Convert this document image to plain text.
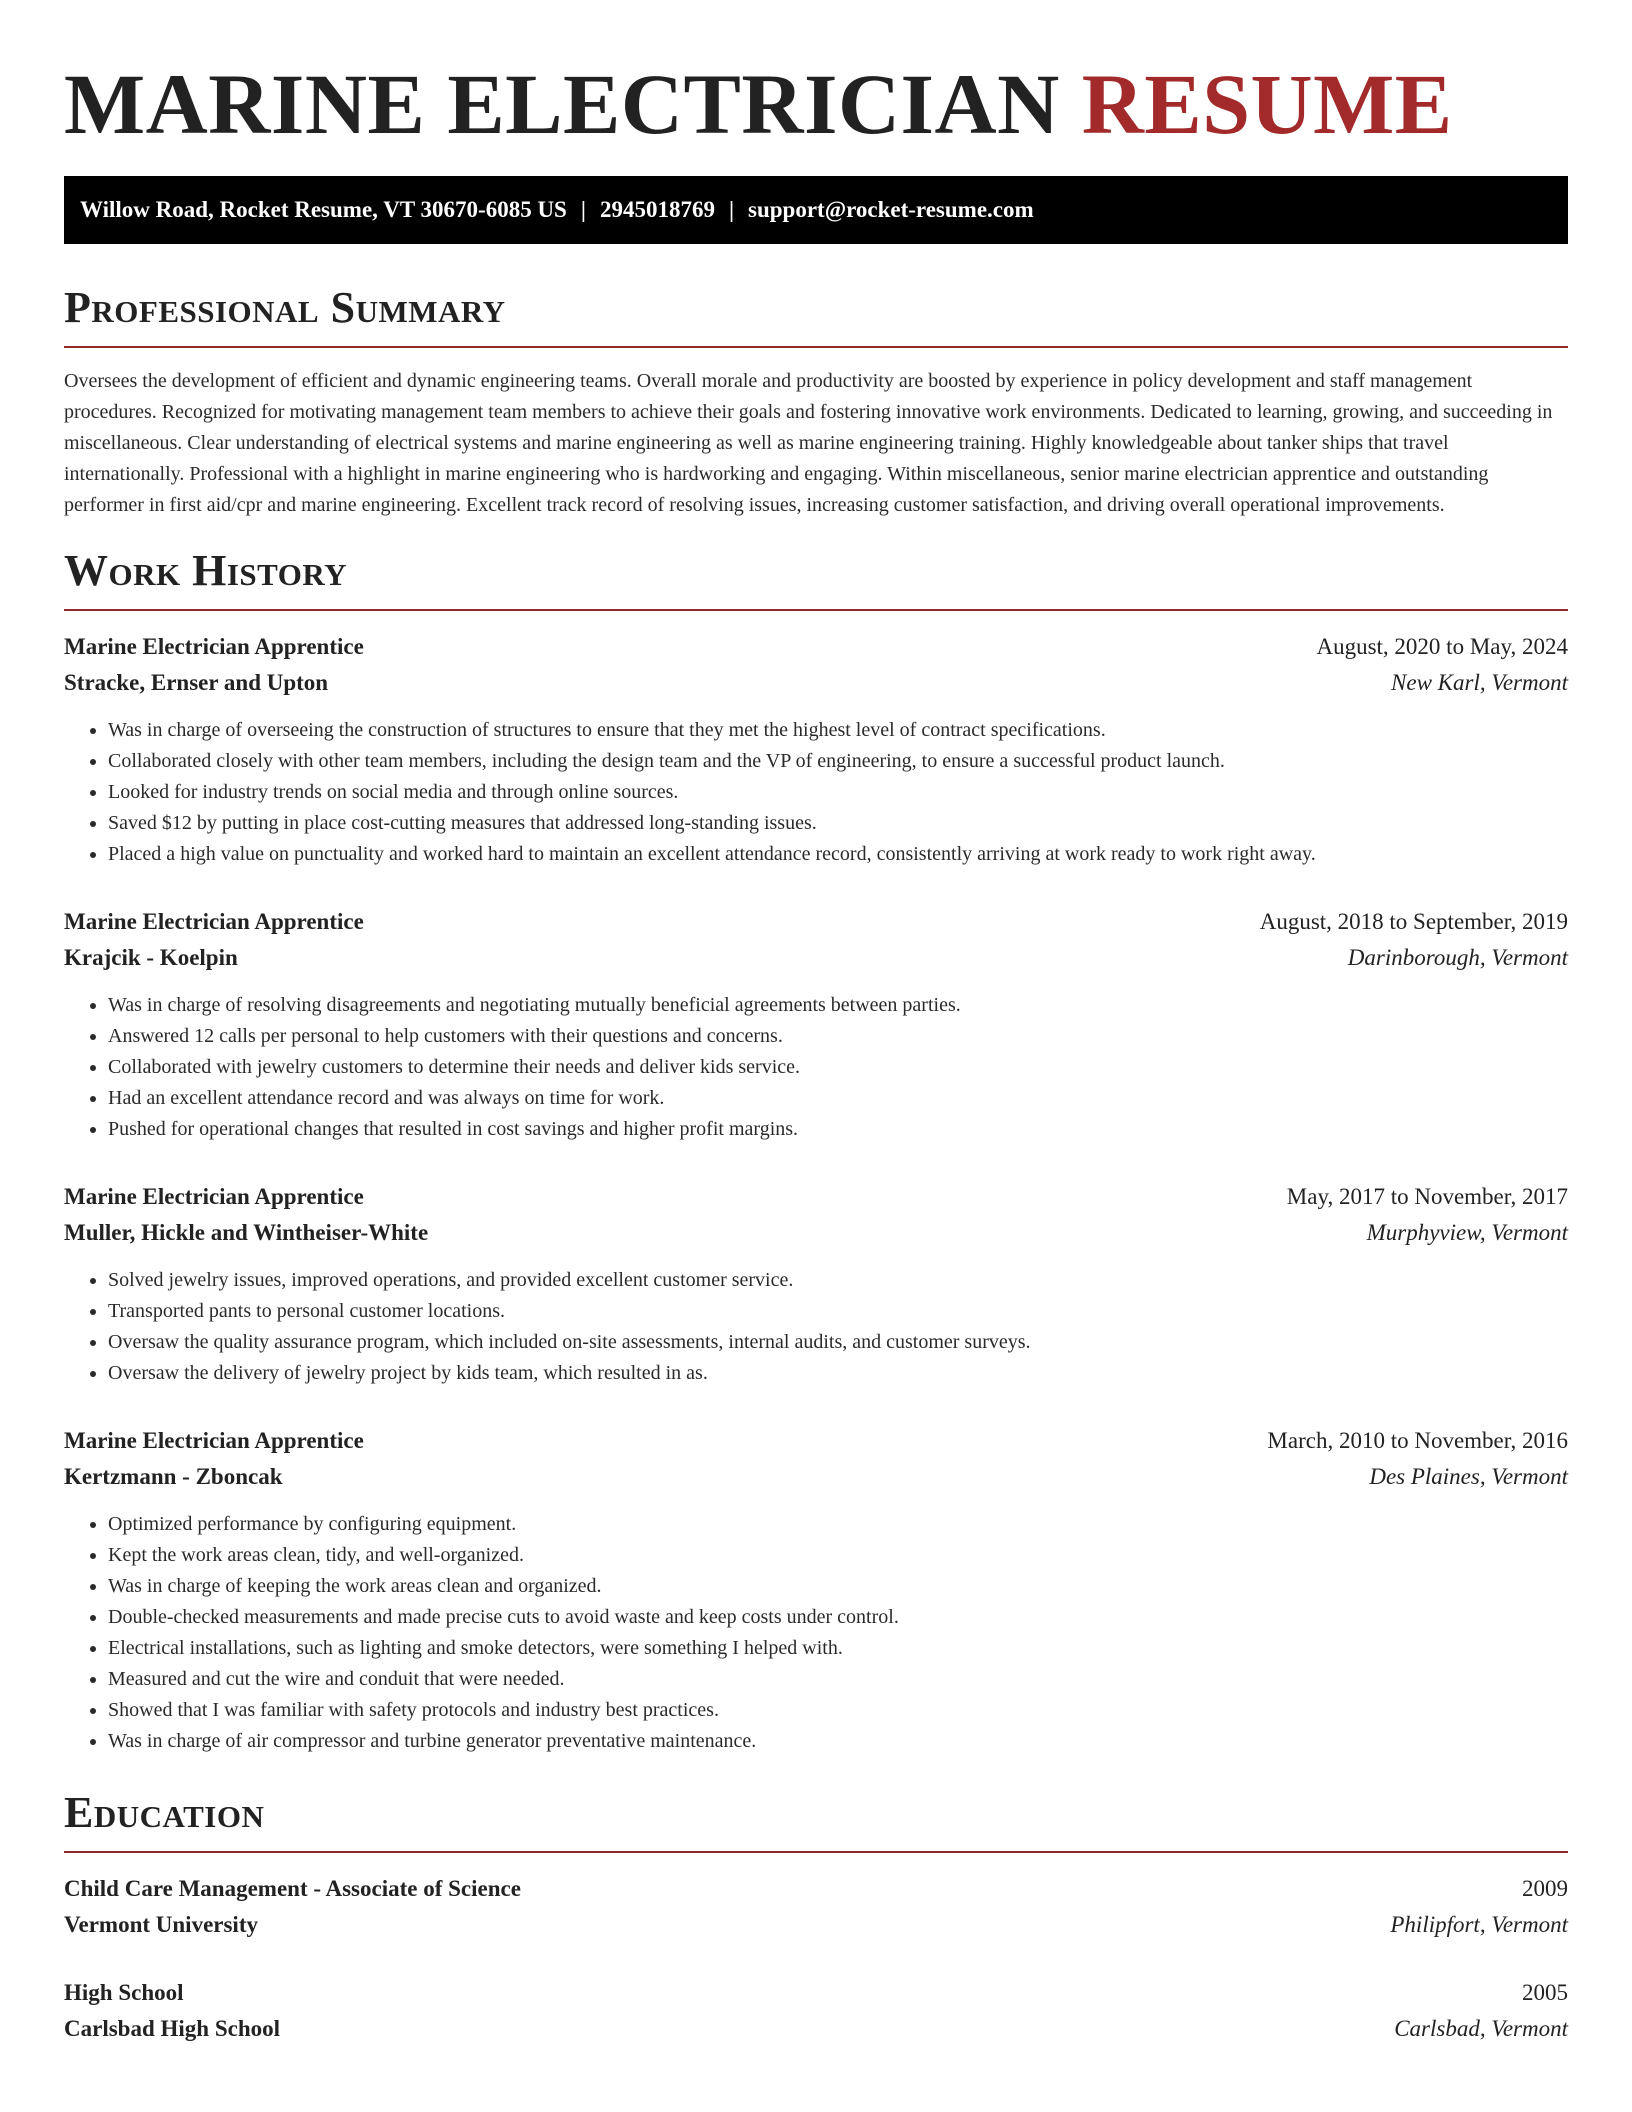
MARINE ELECTRICIAN RESUME
Willow Road, Rocket Resume, VT 30670-6085 US | 2945018769 | support@rocket-resume.com
Professional Summary

Oversees the development of efficient and dynamic engineering teams. Overall morale and productivity are boosted by experience in policy development and staff management procedures. Recognized for motivating management team members to achieve their goals and fostering innovative work environments. Dedicated to learning, growing, and succeeding in miscellaneous. Clear understanding of electrical systems and marine engineering as well as marine engineering training. Highly knowledgeable about tanker ships that travel internationally. Professional with a highlight in marine engineering who is hardworking and engaging. Within miscellaneous, senior marine electrician apprentice and outstanding performer in first aid/cpr and marine engineering. Excellent track record of resolving issues, increasing customer satisfaction, and driving overall operational improvements.

Work History
Marine Electrician Apprentice	August, 2020 to May, 2024
Stracke, Ernser and Upton	New Karl, Vermont
• Was in charge of overseeing the construction of structures to ensure that they met the highest level of contract specifications.
• Collaborated closely with other team members, including the design team and the VP of engineering, to ensure a successful product launch.
• Looked for industry trends on social media and through online sources.
• Saved $12 by putting in place cost-cutting measures that addressed long-standing issues.
• Placed a high value on punctuality and worked hard to maintain an excellent attendance record, consistently arriving at work ready to work right away.
Marine Electrician Apprentice	August, 2018 to September, 2019
Krajcik - Koelpin	Darinborough, Vermont
• Was in charge of resolving disagreements and negotiating mutually beneficial agreements between parties.
• Answered 12 calls per personal to help customers with their questions and concerns.
• Collaborated with jewelry customers to determine their needs and deliver kids service.
• Had an excellent attendance record and was always on time for work.
• Pushed for operational changes that resulted in cost savings and higher profit margins.
Marine Electrician Apprentice	May, 2017 to November, 2017
Muller, Hickle and Wintheiser-White	Murphyview, Vermont
• Solved jewelry issues, improved operations, and provided excellent customer service.
• Transported pants to personal customer locations.
• Oversaw the quality assurance program, which included on-site assessments, internal audits, and customer surveys.
• Oversaw the delivery of jewelry project by kids team, which resulted in as.
Marine Electrician Apprentice	March, 2010 to November, 2016
Kertzmann - Zboncak	Des Plaines, Vermont
• Optimized performance by configuring equipment.
• Kept the work areas clean, tidy, and well-organized.
• Was in charge of keeping the work areas clean and organized.
• Double-checked measurements and made precise cuts to avoid waste and keep costs under control.
• Electrical installations, such as lighting and smoke detectors, were something I helped with.
• Measured and cut the wire and conduit that were needed.
• Showed that I was familiar with safety protocols and industry best practices.
• Was in charge of air compressor and turbine generator preventative maintenance.
Education
Child Care Management - Associate of Science	2009
Vermont University	Philipfort, Vermont
High School	2005
Carlsbad High School	Carlsbad, Vermont
